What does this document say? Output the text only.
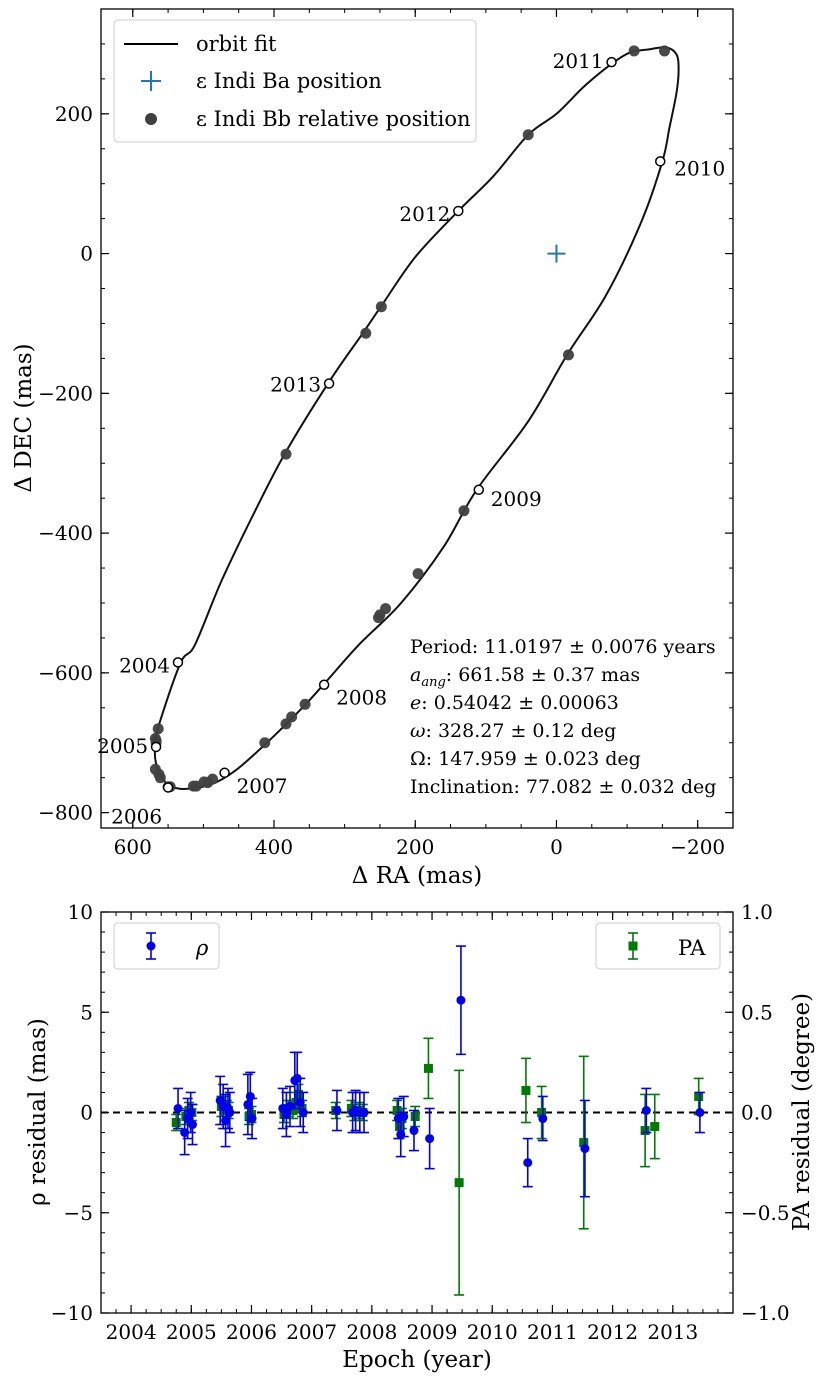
600	400	200	0	−200
200
0
−200
−400
−600
−800
2004
2005
2006
2007
2008
2009
2010
2011
2012
2013
orbit fit
ε Indi Ba position
ε Indi Bb relative position
Period: 11.0197 ± 0.0076 years
$a_{ang}$: 661.58 ± 0.37 mas
e: 0.54042 ± 0.00063
ω: 328.27 ± 0.12 deg
Ω: 147.959 ± 0.023 deg
Inclination: 77.082 ± 0.032 deg
Δ RA (mas)
Δ DEC (mas)
2004 2005 2006 2007 2008 2009 2010 2011 2012 2013
10
5
0
−5
−10
1.0
0.5
0.0
−0.5
−1.0
ρ	PA
Epoch (year)
ρ residual (mas)	PA residual (degree)
